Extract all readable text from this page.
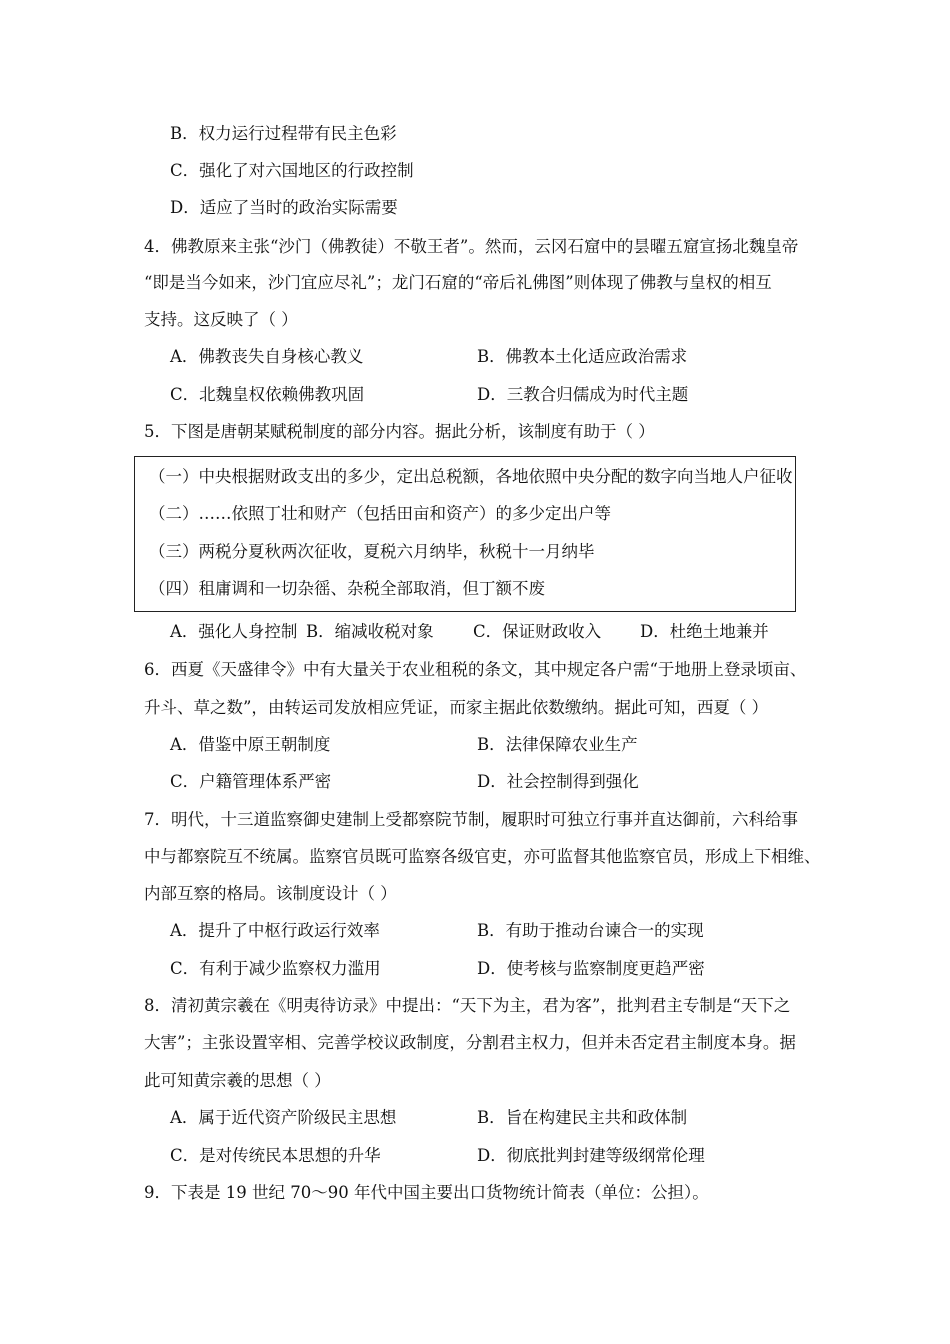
B．权力运行过程带有民主色彩
C．强化了对六国地区的行政控制
D．适应了当时的政治实际需要
4．佛教原来主张“沙门（佛教徒）不敬王者”。然而，云冈石窟中的昙曜五窟宣扬北魏皇帝
“即是当今如来，沙门宜应尽礼”；龙门石窟的“帝后礼佛图”则体现了佛教与皇权的相互
支持。这反映了（ ）
A．佛教丧失自身核心教义	B．佛教本土化适应政治需求
C．北魏皇权依赖佛教巩固	D．三教合归儒成为时代主题
5．下图是唐朝某赋税制度的部分内容。据此分析，该制度有助于（ ）
（一）中央根据财政支出的多少，定出总税额，各地依照中央分配的数字向当地人户征收
（二）……依照丁壮和财产（包括田亩和资产）的多少定出户等
（三）两税分夏秋两次征收，夏税六月纳毕，秋税十一月纳毕
（四）租庸调和一切杂徭、杂税全部取消，但丁额不废
A．强化人身控制 B．缩减收税对象 C．保证财政收入 D．杜绝土地兼并
6．西夏《天盛律令》中有大量关于农业租税的条文，其中规定各户需“于地册上登录顷亩、
升斗、草之数”，由转运司发放相应凭证，而家主据此依数缴纳。据此可知，西夏（ ）
A．借鉴中原王朝制度	B．法律保障农业生产
C．户籍管理体系严密	D．社会控制得到强化
7．明代，十三道监察御史建制上受都察院节制，履职时可独立行事并直达御前，六科给事
中与都察院互不统属。监察官员既可监察各级官吏，亦可监督其他监察官员，形成上下相维、
内部互察的格局。该制度设计（ ）
A．提升了中枢行政运行效率	B．有助于推动台谏合一的实现
C．有利于减少监察权力滥用	D．使考核与监察制度更趋严密
8．清初黄宗羲在《明夷待访录》中提出：“天下为主，君为客”，批判君主专制是“天下之
大害”；主张设置宰相、完善学校议政制度，分割君主权力，但并未否定君主制度本身。据
此可知黄宗羲的思想（ ）
A．属于近代资产阶级民主思想	B．旨在构建民主共和政体制
C．是对传统民本思想的升华	D．彻底批判封建等级纲常伦理
9．下表是 19 世纪 70～90 年代中国主要出口货物统计简表（单位：公担）。
